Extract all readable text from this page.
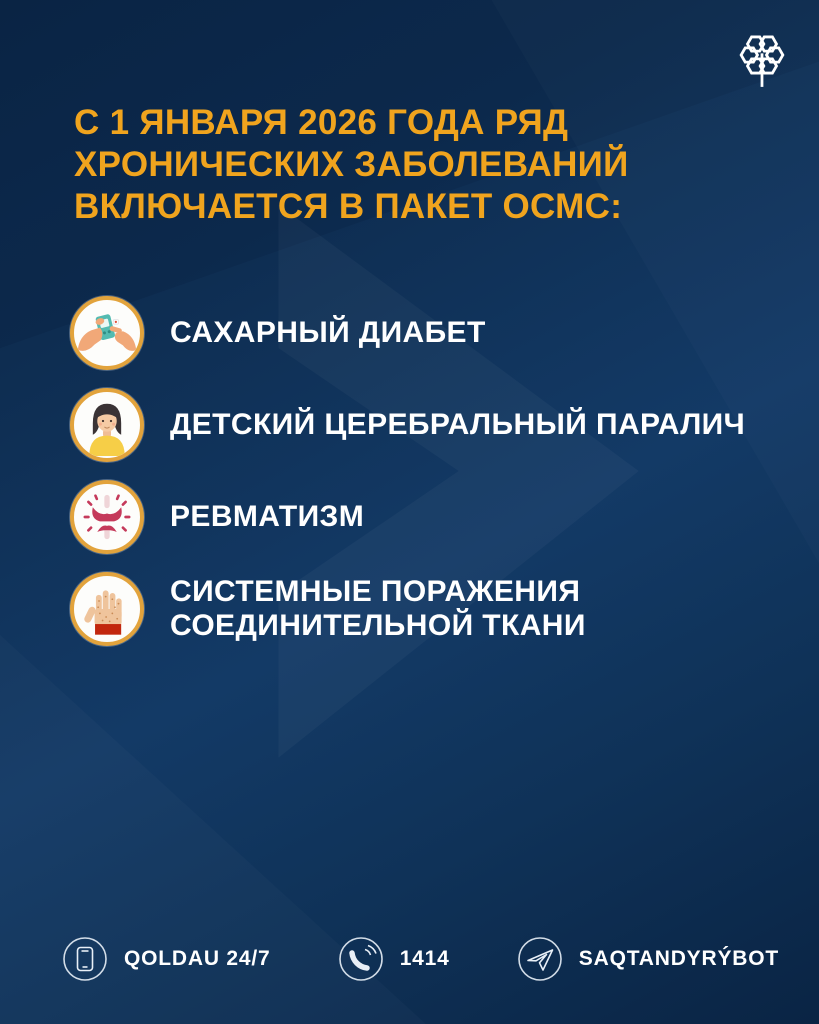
С 1 ЯНВАРЯ 2026 ГОДА РЯД
ХРОНИЧЕСКИХ ЗАБОЛЕВАНИЙ
ВКЛЮЧАЕТСЯ В ПАКЕТ ОСМС:
САХАРНЫЙ ДИАБЕТ
ДЕТСКИЙ ЦЕРЕБРАЛЬНЫЙ ПАРАЛИЧ
РЕВМАТИЗМ
СИСТЕМНЫЕ ПОРАЖЕНИЯ СОЕДИНИТЕЛЬНОЙ ТКАНИ
QOLDAU 24/7	1414	SAQTANDYRÝBOT
